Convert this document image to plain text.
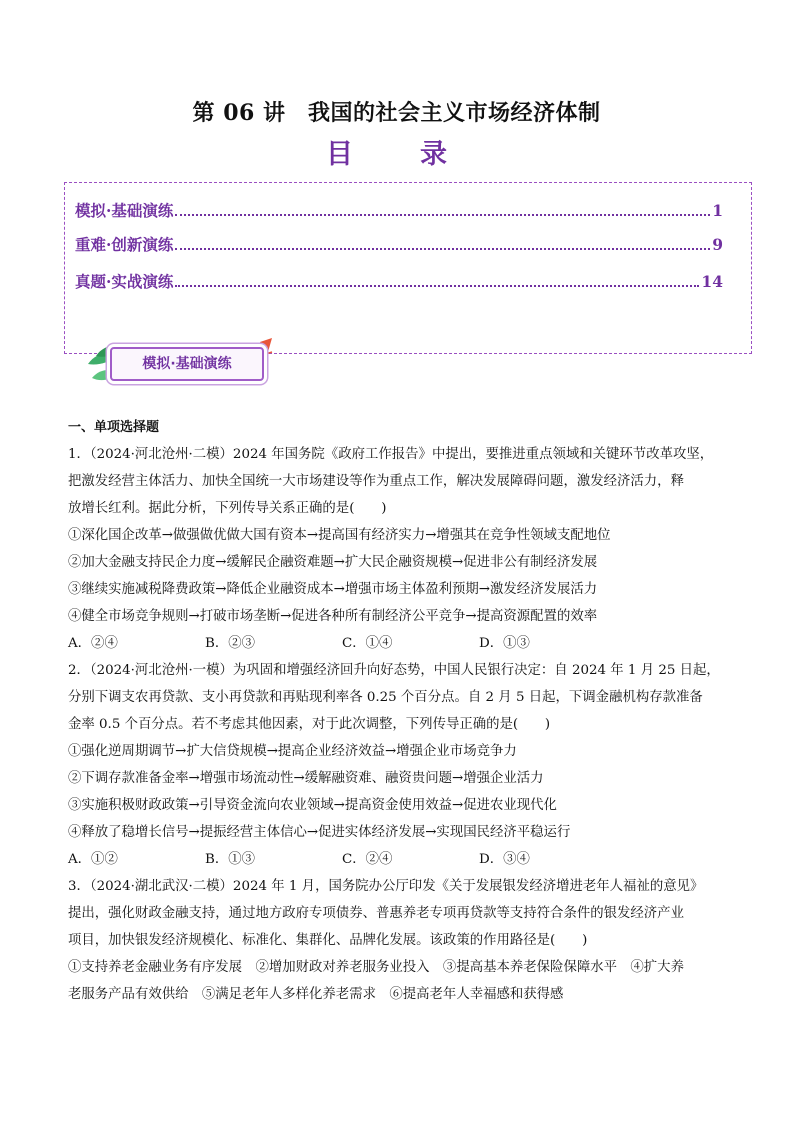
第 06 讲　我国的社会主义市场经济体制
目　录
模拟·基础演练	1
重难·创新演练	9
真题·实战演练	14
模拟·基础演练
一、单项选择题
1．（2024·河北沧州·二模）2024 年国务院《政府工作报告》中提出，要推进重点领域和关键环节改革攻坚，
把激发经营主体活力、加快全国统一大市场建设等作为重点工作，解决发展障碍问题，激发经济活力，释
放增长红利。据此分析，下列传导关系正确的是(　　)
①深化国企改革→做强做优做大国有资本→提高国有经济实力→增强其在竞争性领域支配地位
②加大金融支持民企力度→缓解民企融资难题→扩大民企融资规模→促进非公有制经济发展
③继续实施减税降费政策→降低企业融资成本→增强市场主体盈利预期→激发经济发展活力
④健全市场竞争规则→打破市场垄断→促进各种所有制经济公平竞争→提高资源配置的效率
A．②④	B．②③	C．①④	D．①③
2．（2024·河北沧州·一模）为巩固和增强经济回升向好态势，中国人民银行决定：自 2024 年 1 月 25 日起，
分别下调支农再贷款、支小再贷款和再贴现利率各 0.25 个百分点。自 2 月 5 日起，下调金融机构存款准备
金率 0.5 个百分点。若不考虑其他因素，对于此次调整，下列传导正确的是(　　)
①强化逆周期调节→扩大信贷规模→提高企业经济效益→增强企业市场竞争力
②下调存款准备金率→增强市场流动性→缓解融资难、融资贵问题→增强企业活力
③实施积极财政政策→引导资金流向农业领域→提高资金使用效益→促进农业现代化
④释放了稳增长信号→提振经营主体信心→促进实体经济发展→实现国民经济平稳运行
A．①②	B．①③	C．②④	D．③④
3．（2024·湖北武汉·二模）2024 年 1 月，国务院办公厅印发《关于发展银发经济增进老年人福祉的意见》
提出，强化财政金融支持，通过地方政府专项债券、普惠养老专项再贷款等支持符合条件的银发经济产业
项目，加快银发经济规模化、标准化、集群化、品牌化发展。该政策的作用路径是(　　)
①支持养老金融业务有序发展　②增加财政对养老服务业投入　③提高基本养老保险保障水平　④扩大养
老服务产品有效供给　⑤满足老年人多样化养老需求　⑥提高老年人幸福感和获得感
